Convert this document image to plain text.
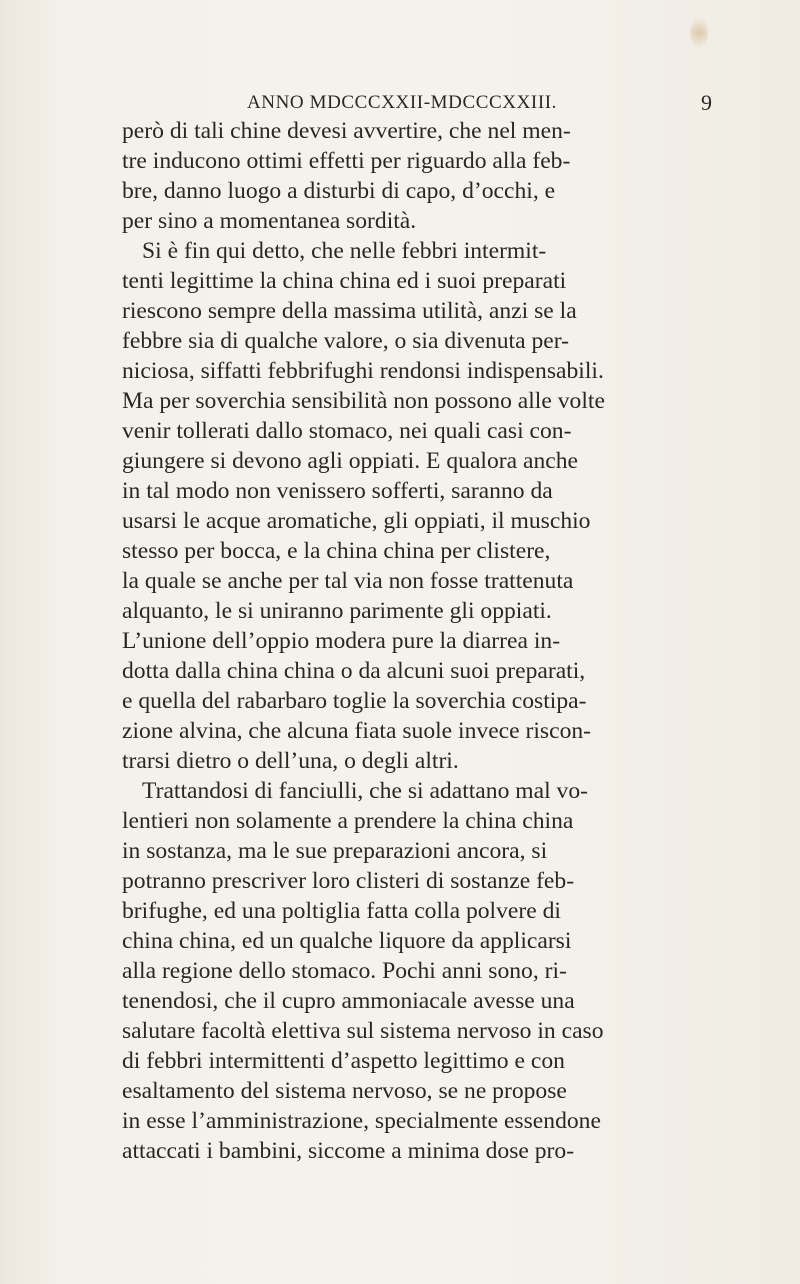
ANNO MDCCCXXII-MDCCCXXIII.	9
però di tali chine devesi avvertire, che nel men-
tre inducono ottimi effetti per riguardo alla feb-
bre, danno luogo a disturbi di capo, d’occhi, e
per sino a momentanea sordità.
Si è fin qui detto, che nelle febbri intermit-
tenti legittime la china china ed i suoi preparati
riescono sempre della massima utilità, anzi se la
febbre sia di qualche valore, o sia divenuta per-
niciosa, siffatti febbrifughi rendonsi indispensabili.
Ma per soverchia sensibilità non possono alle volte
venir tollerati dallo stomaco, nei quali casi con-
giungere si devono agli oppiati. E qualora anche
in tal modo non venissero sofferti, saranno da
usarsi le acque aromatiche, gli oppiati, il muschio
stesso per bocca, e la china china per clistere,
la quale se anche per tal via non fosse trattenuta
alquanto, le si uniranno parimente gli oppiati.
L’unione dell’oppio modera pure la diarrea in-
dotta dalla china china o da alcuni suoi preparati,
e quella del rabarbaro toglie la soverchia costipa-
zione alvina, che alcuna fiata suole invece riscon-
trarsi dietro o dell’una, o degli altri.
Trattandosi di fanciulli, che si adattano mal vo-
lentieri non solamente a prendere la china china
in sostanza, ma le sue preparazioni ancora, si
potranno prescriver loro clisteri di sostanze feb-
brifughe, ed una poltiglia fatta colla polvere di
china china, ed un qualche liquore da applicarsi
alla regione dello stomaco. Pochi anni sono, ri-
tenendosi, che il cupro ammoniacale avesse una
salutare facoltà elettiva sul sistema nervoso in caso
di febbri intermittenti d’aspetto legittimo e con
esaltamento del sistema nervoso, se ne propose
in esse l’amministrazione, specialmente essendone
attaccati i bambini, siccome a minima dose pro-
